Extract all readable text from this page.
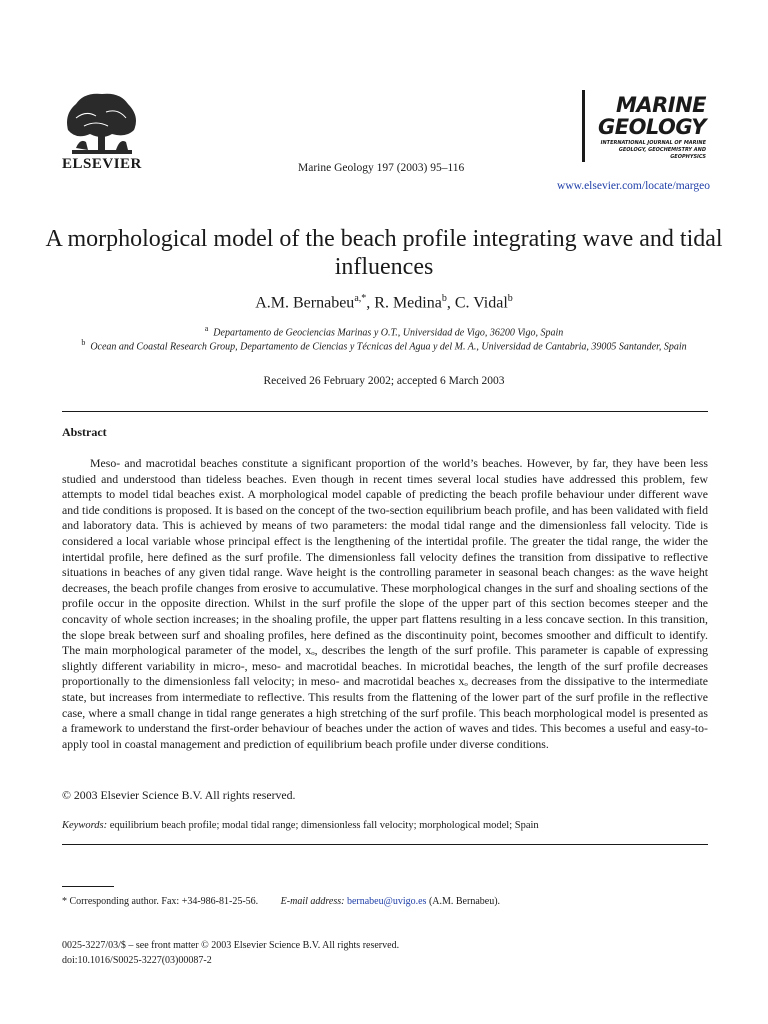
ELSEVIER	Marine Geology 197 (2003) 95–116
MARINE
GEOLOGY
INTERNATIONAL JOURNAL OF MARINE GEOLOGY, GEOCHEMISTRY AND GEOPHYSICS
www.elsevier.com/locate/margeo
A morphological model of the beach profile integrating wave and tidal influences
A.M. Bernabeu$^{a,*}$, R. Medina$^b$, C. Vidal$^b$
$^a$ Departamento de Geociencias Marinas y O.T., Universidad de Vigo, 36200 Vigo, Spain
$^b$ Ocean and Coastal Research Group, Departamento de Ciencias y Técnicas del Agua y del M. A., Universidad de Cantabria, 39005 Santander, Spain
Received 26 February 2002; accepted 6 March 2003
Abstract
Meso- and macrotidal beaches constitute a significant proportion of the world’s beaches. However, by far, they have been less studied and understood than tideless beaches. Even though in recent times several local studies have addressed this problem, few attempts to model tidal beaches exist. A morphological model capable of predicting the beach profile behaviour under different wave and tide conditions is proposed. It is based on the concept of the two-section equilibrium beach profile, and has been validated with field and laboratory data. This is achieved by means of two parameters: the modal tidal range and the dimensionless fall velocity. Tide is considered a local variable whose principal effect is the lengthening of the intertidal profile. The greater the tidal range, the wider the intertidal profile, here defined as the surf profile. The dimensionless fall velocity defines the transition from dissipative to reflective situations in beaches of any given tidal range. Wave height is the controlling parameter in seasonal beach changes: as the wave height decreases, the beach profile changes from erosive to accumulative. These morphological changes in the surf and shoaling sections of the profile occur in the opposite direction. Whilst in the surf profile the slope of the upper part of this section becomes steeper and the concavity of whole section increases; in the shoaling profile, the upper part flattens resulting in a less concave section. In this transition, the slope break between surf and shoaling profiles, here defined as the discontinuity point, becomes smoother and difficult to identify. The main morphological parameter of the model, xₒ, describes the length of the surf profile. This parameter is capable of expressing slightly different variability in micro-, meso- and macrotidal beaches. In microtidal beaches, the length of the surf profile decreases proportionally to the dimensionless fall velocity; in meso- and macrotidal beaches xₒ decreases from the dissipative to the intermediate state, but increases from intermediate to reflective. This results from the flattening of the lower part of the surf profile in the reflective case, where a small change in tidal range generates a high stretching of the surf profile. This beach morphological model is presented as a framework to understand the first-order behaviour of beaches under the action of waves and tides. This becomes a useful and easy-to-apply tool in coastal management and prediction of equilibrium beach profile under diverse conditions.
© 2003 Elsevier Science B.V. All rights reserved.
Keywords: equilibrium beach profile; modal tidal range; dimensionless fall velocity; morphological model; Spain
* Corresponding author. Fax: +34-986-81-25-56. E-mail address: bernabeu@uvigo.es (A.M. Bernabeu).
0025-3227/03/$ – see front matter © 2003 Elsevier Science B.V. All rights reserved.
doi:10.1016/S0025-3227(03)00087-2
